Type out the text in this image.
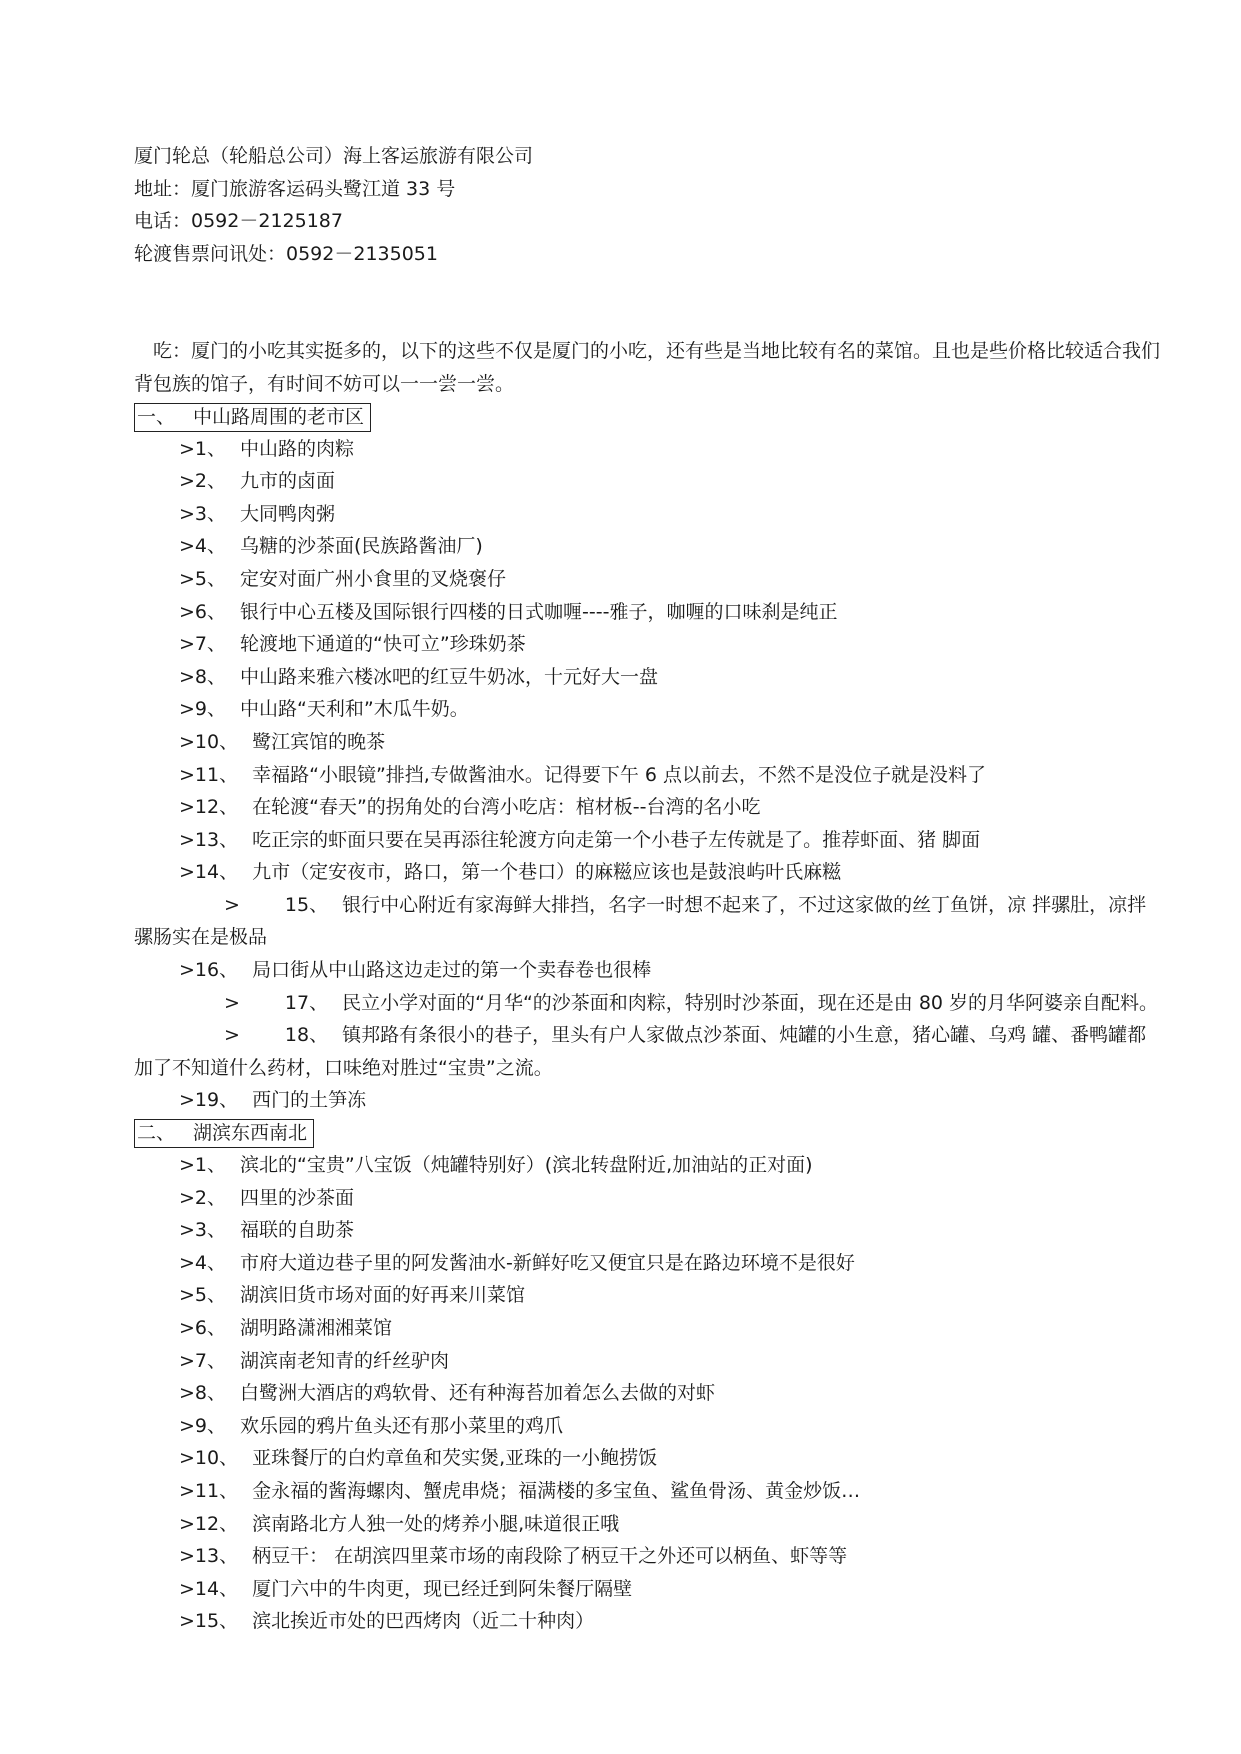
厦门轮总（轮船总公司）海上客运旅游有限公司
地址：厦门旅游客运码头鹭江道 33 号
电话：0592－2125187
轮渡售票问讯处：0592－2135051
吃：厦门的小吃其实挺多的，以下的这些不仅是厦门的小吃，还有些是当地比较有名的菜馆。且也是些价格比较适合我们背包族的馆子，有时间不妨可以一一尝一尝。
一、 中山路周围的老市区
>1、 中山路的肉粽
>2、 九市的卤面
>3、 大同鸭肉粥
>4、 乌糖的沙茶面(民族路酱油厂)
>5、 定安对面广州小食里的叉烧褒仔
>6、 银行中心五楼及国际银行四楼的日式咖喱----雅子，咖喱的口味刹是纯正
>7、 轮渡地下通道的“快可立”珍珠奶茶
>8、 中山路来雅六楼冰吧的红豆牛奶冰，十元好大一盘
>9、 中山路“天利和”木瓜牛奶。
>10、 鹭江宾馆的晚茶
>11、 幸福路“小眼镜”排挡,专做酱油水。记得要下午 6 点以前去，不然不是没位子就是没料了
>12、 在轮渡“春天”的拐角处的台湾小吃店：棺材板--台湾的名小吃
>13、 吃正宗的虾面只要在吴再添往轮渡方向走第一个小巷子左传就是了。推荐虾面、猪 脚面
>14、 九市（定安夜市，路口，第一个巷口）的麻糍应该也是鼓浪屿叶氏麻糍
>15、 银行中心附近有家海鲜大排挡，名字一时想不起来了，不过这家做的丝丁鱼饼，凉 拌骡肚，凉拌骡肠实在是极品
>16、 局口街从中山路这边走过的第一个卖春卷也很棒
>17、 民立小学对面的“月华“的沙茶面和肉粽，特别时沙茶面，现在还是由 80 岁的月华阿婆亲自配料。
>18、 镇邦路有条很小的巷子，里头有户人家做点沙茶面、炖罐的小生意，猪心罐、乌鸡 罐、番鸭罐都加了不知道什么药材，口味绝对胜过“宝贵”之流。
>19、 西门的土笋冻
二、 湖滨东西南北
>1、 滨北的“宝贵”八宝饭（炖罐特别好）(滨北转盘附近,加油站的正对面)
>2、 四里的沙茶面
>3、 福联的自助茶
>4、 市府大道边巷子里的阿发酱油水-新鲜好吃又便宜只是在路边环境不是很好
>5、 湖滨旧货市场对面的好再来川菜馆
>6、 湖明路潇湘湘菜馆
>7、 湖滨南老知青的纤丝驴肉
>8、 白鹭洲大酒店的鸡软骨、还有种海苔加着怎么去做的对虾
>9、 欢乐园的鸦片鱼头还有那小菜里的鸡爪
>10、 亚珠餐厅的白灼章鱼和芡实煲,亚珠的一小鲍捞饭
>11、 金永福的酱海螺肉、蟹虎串烧；福满楼的多宝鱼、鲨鱼骨汤、黄金炒饭…
>12、 滨南路北方人独一处的烤养小腿,味道很正哦
>13、 柄豆干： 在胡滨四里菜市场的南段除了柄豆干之外还可以柄鱼、虾等等
>14、 厦门六中的牛肉更，现已经迁到阿朱餐厅隔壁
>15、 滨北挨近市处的巴西烤肉（近二十种肉）
